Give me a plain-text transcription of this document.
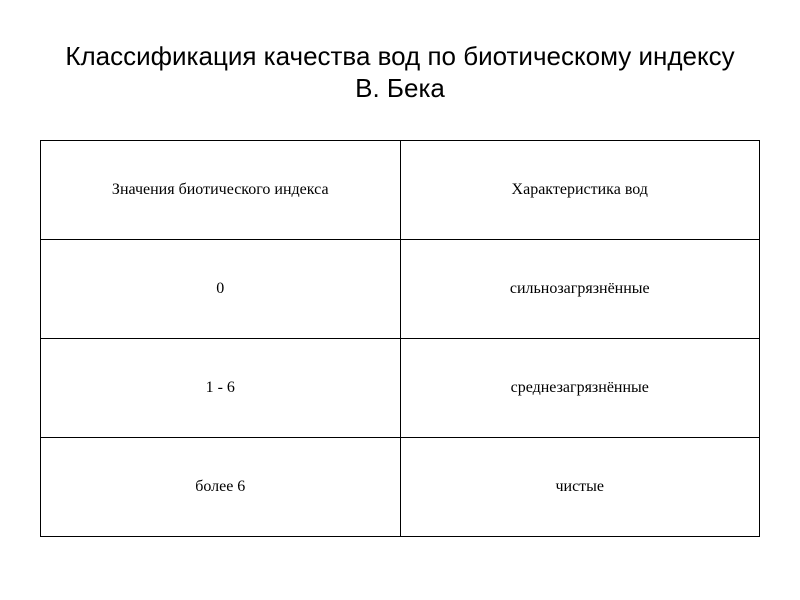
Классификация качества вод по биотическому индексу
В. Бека
Значения биотического индекса	Характеристика вод
0	сильнозагрязнённые
1 - 6	среднезагрязнённые
более 6	чистые
